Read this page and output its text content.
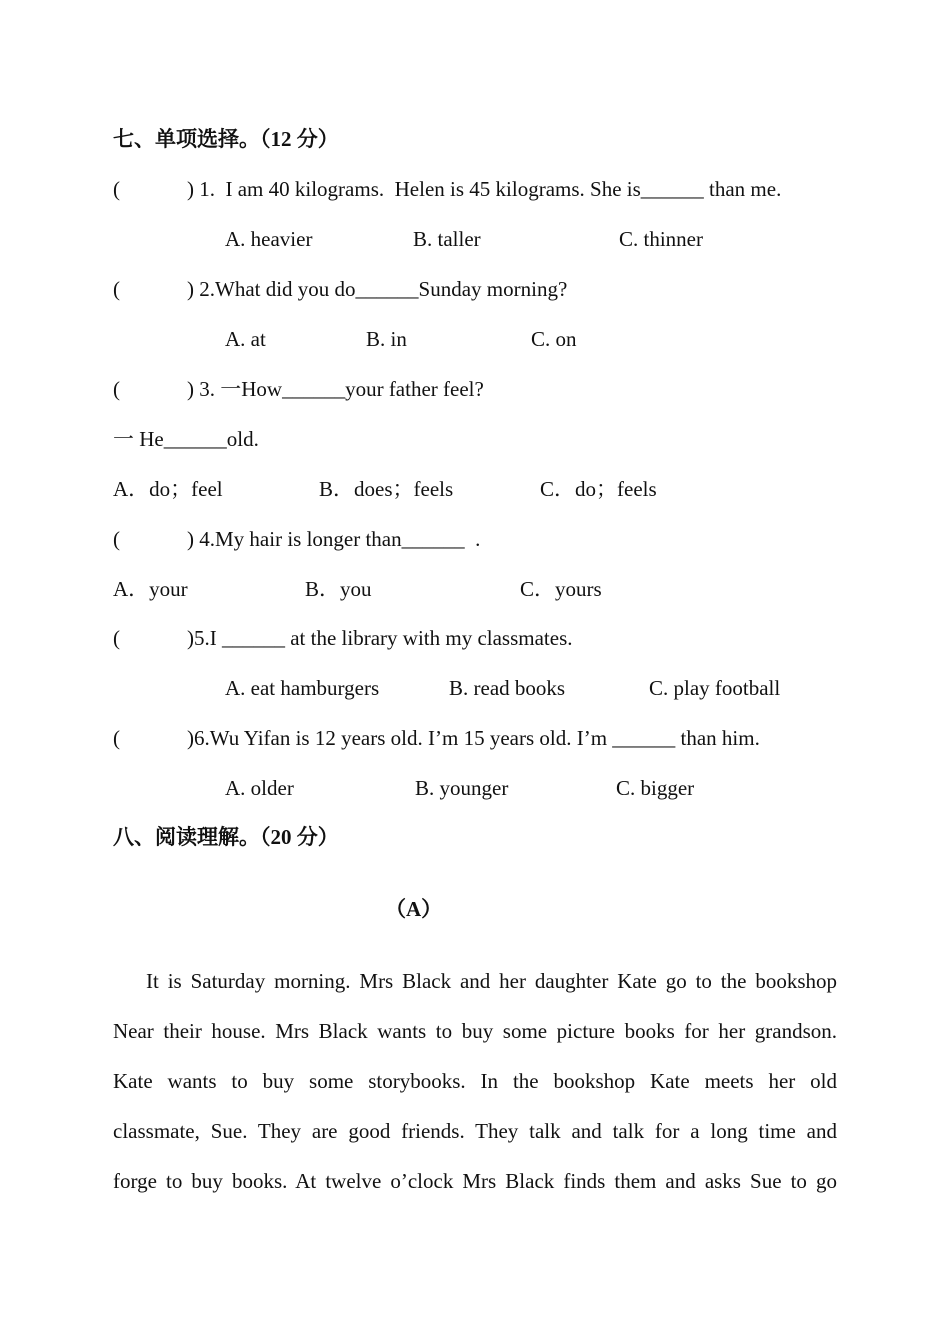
七、单项选择。（12 分）
(	) 1.  I am 40 kilograms.  Helen is 45 kilograms. She is______ than me.
A. heavier	B. taller	C. thinner
(	) 2.What did you do______Sunday morning?
A. at	B. in	C. on
(	) 3. 一How______your father feel?
一 He______old.
A．do；feel	B．does；feels	C．do；feels
(	) 4.My hair is longer than______  .
A．your	B．you	C．yours
(	)5.I ______ at the library with my classmates.
A. eat hamburgers	B. read books	C. play football
(	)6.Wu Yifan is 12 years old. I’m 15 years old. I’m ______ than him.
A. older	B. younger	C. bigger
八、阅读理解。（20 分）
（A）
It is Saturday morning. Mrs Black and her daughter Kate go to the bookshop
Near their house. Mrs Black wants to buy some picture books for her grandson.
Kate wants to buy some storybooks. In the bookshop Kate meets her old
classmate, Sue. They are good friends. They talk and talk for a long time and
forge to buy books. At twelve o’clock Mrs Black finds them and asks Sue to go
